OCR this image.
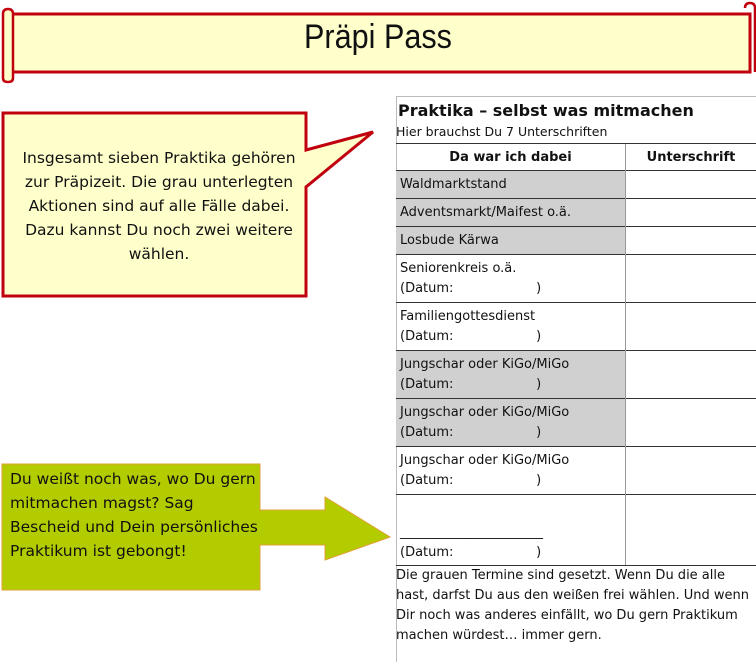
Präpi Pass
Insgesamt sieben Praktika gehören zur Präpizeit. Die grau unterlegten Aktionen sind auf alle Fälle dabei. Dazu kannst Du noch zwei weitere wählen.
Du weißt noch was, wo Du gern mitmachen magst? Sag Bescheid und Dein persönliches Praktikum ist gebongt!
Praktika – selbst was mitmachen
Hier brauchst Du 7 Unterschriften
Da war ich dabei	Unterschrift
Waldmarktstand	
Adventsmarkt/Maifest o.ä.	
Losbude Kärwa	

Seniorenkreis o.ä.
(Datum:                    )	

Familiengottesdienst
(Datum:                    )	

Jungschar oder KiGo/MiGo
(Datum:                    )	

Jungschar oder KiGo/MiGo
(Datum:                    )	

Jungschar oder KiGo/MiGo
(Datum:                    )	

______________________
(Datum:                    )	

Die grauen Termine sind gesetzt. Wenn Du die alle hast, darfst Du aus den weißen frei wählen. Und wenn Dir noch was anderes einfällt, wo Du gern Praktikum machen würdest… immer gern.
